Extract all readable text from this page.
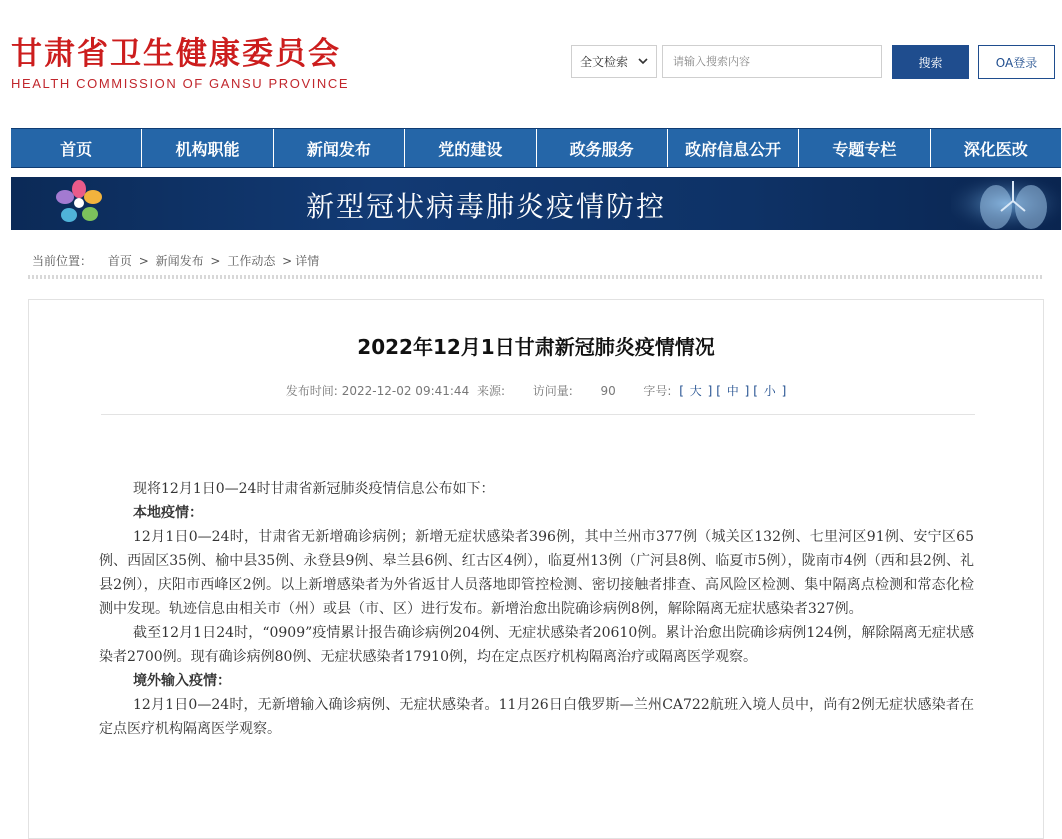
甘肃省卫生健康委员会
HEALTH COMMISSION OF GANSU PROVINCE
全文检索
请输入搜索内容	搜索	OA登录
首页	机构职能	新闻发布	党的建设	政务服务	政府信息公开	专题专栏	深化医改
新型冠状病毒肺炎疫情防控
当前位置： 首页 > 新闻发布 > 工作动态 > 详情
2022年12月1日甘肃新冠肺炎疫情情况
发布时间: 2022-12-02 09:41:44 来源: 访问量: 90 字号: [ 大 ] [ 中 ] [ 小 ]

现将12月1日0—24时甘肃省新冠肺炎疫情信息公布如下：

本地疫情：

12月1日0—24时，甘肃省无新增确诊病例；新增无症状感染者396例，其中兰州市377例（城关区132例、七里河区91例、安宁区65例、西固区35例、榆中县35例、永登县9例、皋兰县6例、红古区4例），临夏州13例（广河县8例、临夏市5例），陇南市4例（西和县2例、礼县2例），庆阳市西峰区2例。以上新增感染者为外省返甘人员落地即管控检测、密切接触者排查、高风险区检测、集中隔离点检测和常态化检测中发现。轨迹信息由相关市（州）或县（市、区）进行发布。新增治愈出院确诊病例8例，解除隔离无症状感染者327例。

截至12月1日24时，“0909”疫情累计报告确诊病例204例、无症状感染者20610例。累计治愈出院确诊病例124例，解除隔离无症状感染者2700例。现有确诊病例80例、无症状感染者17910例，均在定点医疗机构隔离治疗或隔离医学观察。

境外输入疫情：

12月1日0—24时，无新增输入确诊病例、无症状感染者。11月26日白俄罗斯—兰州CA722航班入境人员中，尚有2例无症状感染者在定点医疗机构隔离医学观察。
